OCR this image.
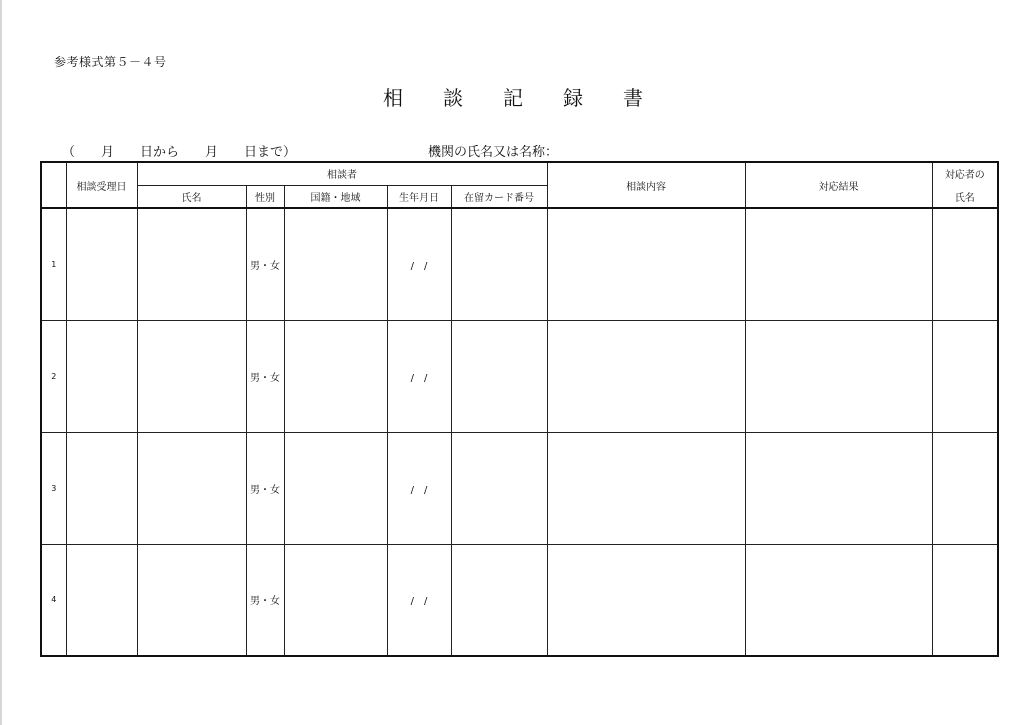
参考様式第５－４号
相 談 記 録 書
（　　月　　日から　　月　　日まで）	機関の氏名又は名称：
	相談受理日	相談者					相談内容	対応結果	対応者の
氏名

		氏名	性別	国籍・地域	生年月日	在留カード番号			
1			男・女		/　/				
2			男・女		/　/				
3			男・女		/　/				
4			男・女		/　/				
